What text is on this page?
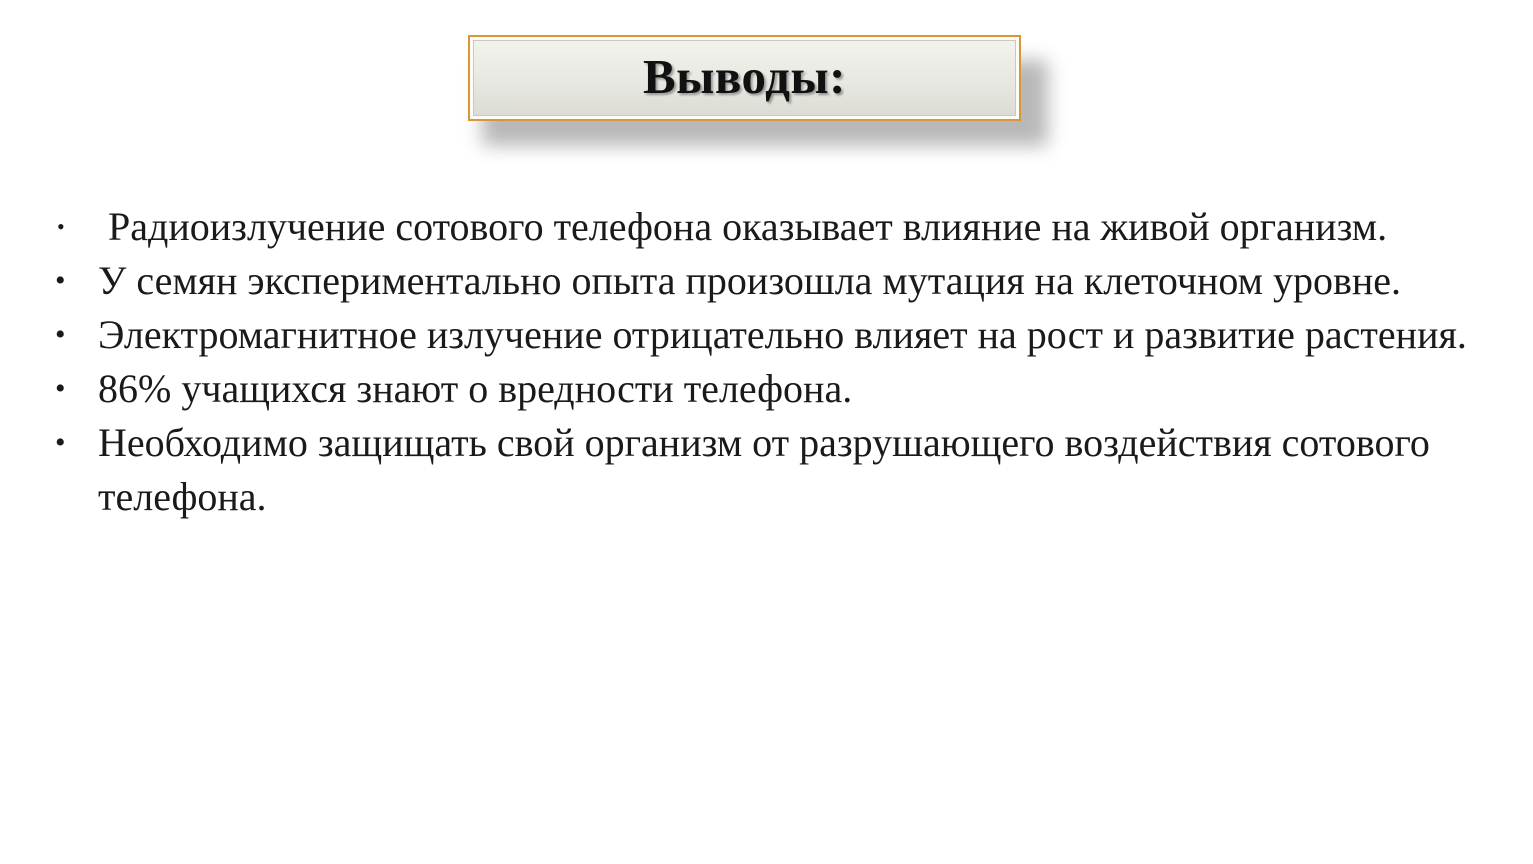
Выводы:
• Радиоизлучение сотового телефона оказывает влияние на живой организм.
• У семян экспериментально опыта произошла мутация на клеточном уровне.
• Электромагнитное излучение отрицательно влияет на рост и развитие растения.
• 86% учащихся знают о вредности телефона.
• Необходимо защищать свой организм от разрушающего воздействия сотового телефона.
